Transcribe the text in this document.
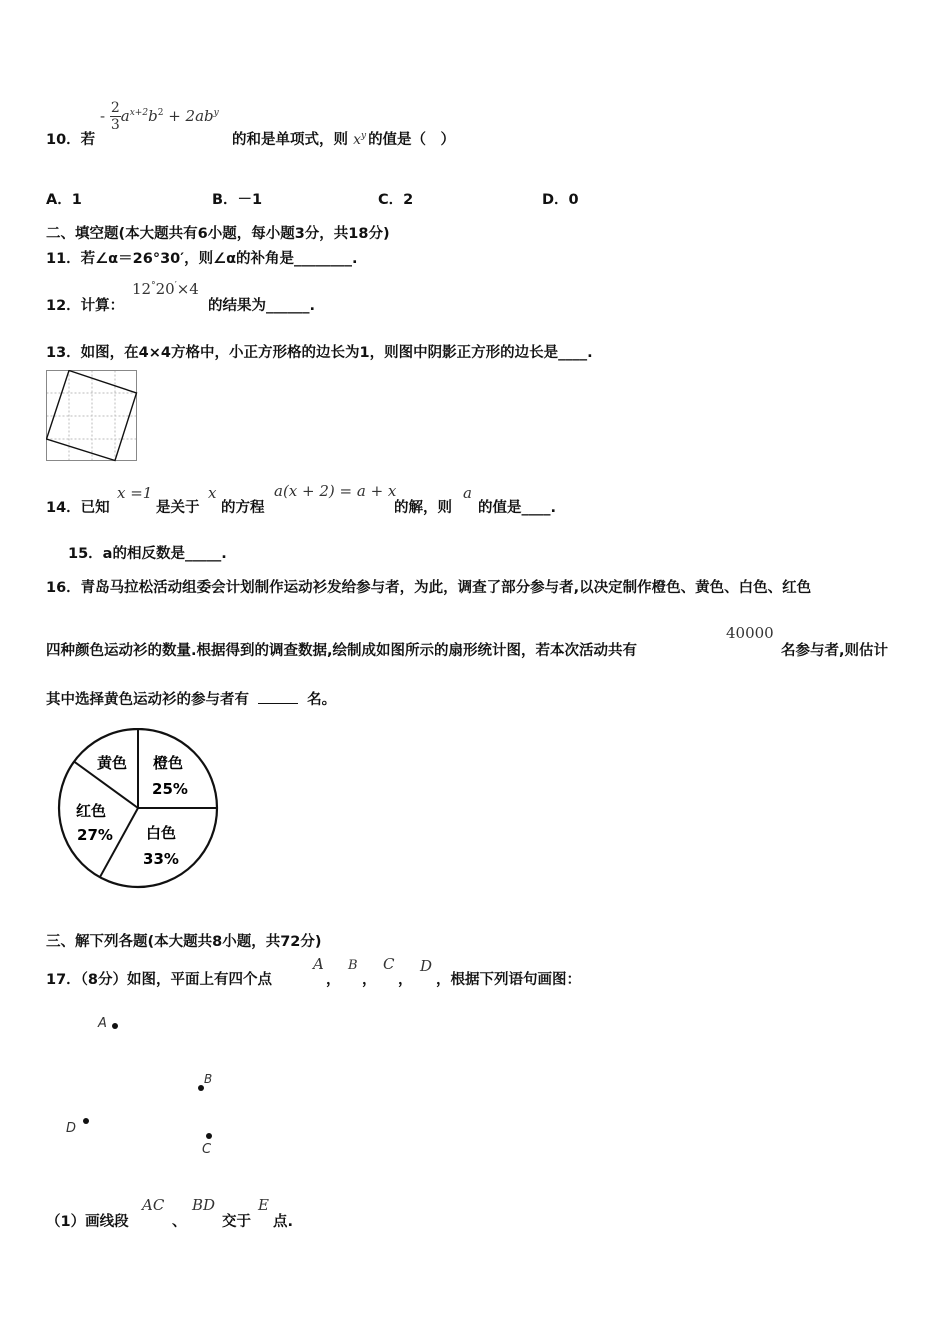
10．若
- $\frac{2}{3} a^{x+2}b^2 + 2ab^y$
的和是单项式，则 $x^y$ 的值是（　）
A．1	B．－1	C．2	D．0
二、填空题(本大题共有6小题，每小题3分，共18分)
11．若∠α＝26°30′，则∠α的补角是________.
12．计算：
12°20′×4
的结果为______.
13．如图，在4×4方格中，小正方形格的边长为1，则图中阴影正方形的边长是____.
14．已知
x =1
是关于
x
的方程
a(x + 2) = a + x
的解，则
a
的值是____.
15．a的相反数是_____.
16．青岛马拉松活动组委会计划制作运动衫发给参与者，为此，调查了部分参与者,以决定制作橙色、黄色、白色、红色
四种颜色运动衫的数量.根据得到的调查数据,绘制成如图所示的扇形统计图，若本次活动共有
40000
名参与者,则估计
其中选择黄色运动衫的参与者有	名。
黄色 橙色
25%
红色
27% 白色
33%
三、解下列各题(本大题共8小题，共72分)
17．（8分）如图，平面上有四个点
A
，
B
，
C
，
D
，根据下列语句画图：
A
B
D
C
（1）画线段
AC
、
BD
交于
E
点.
